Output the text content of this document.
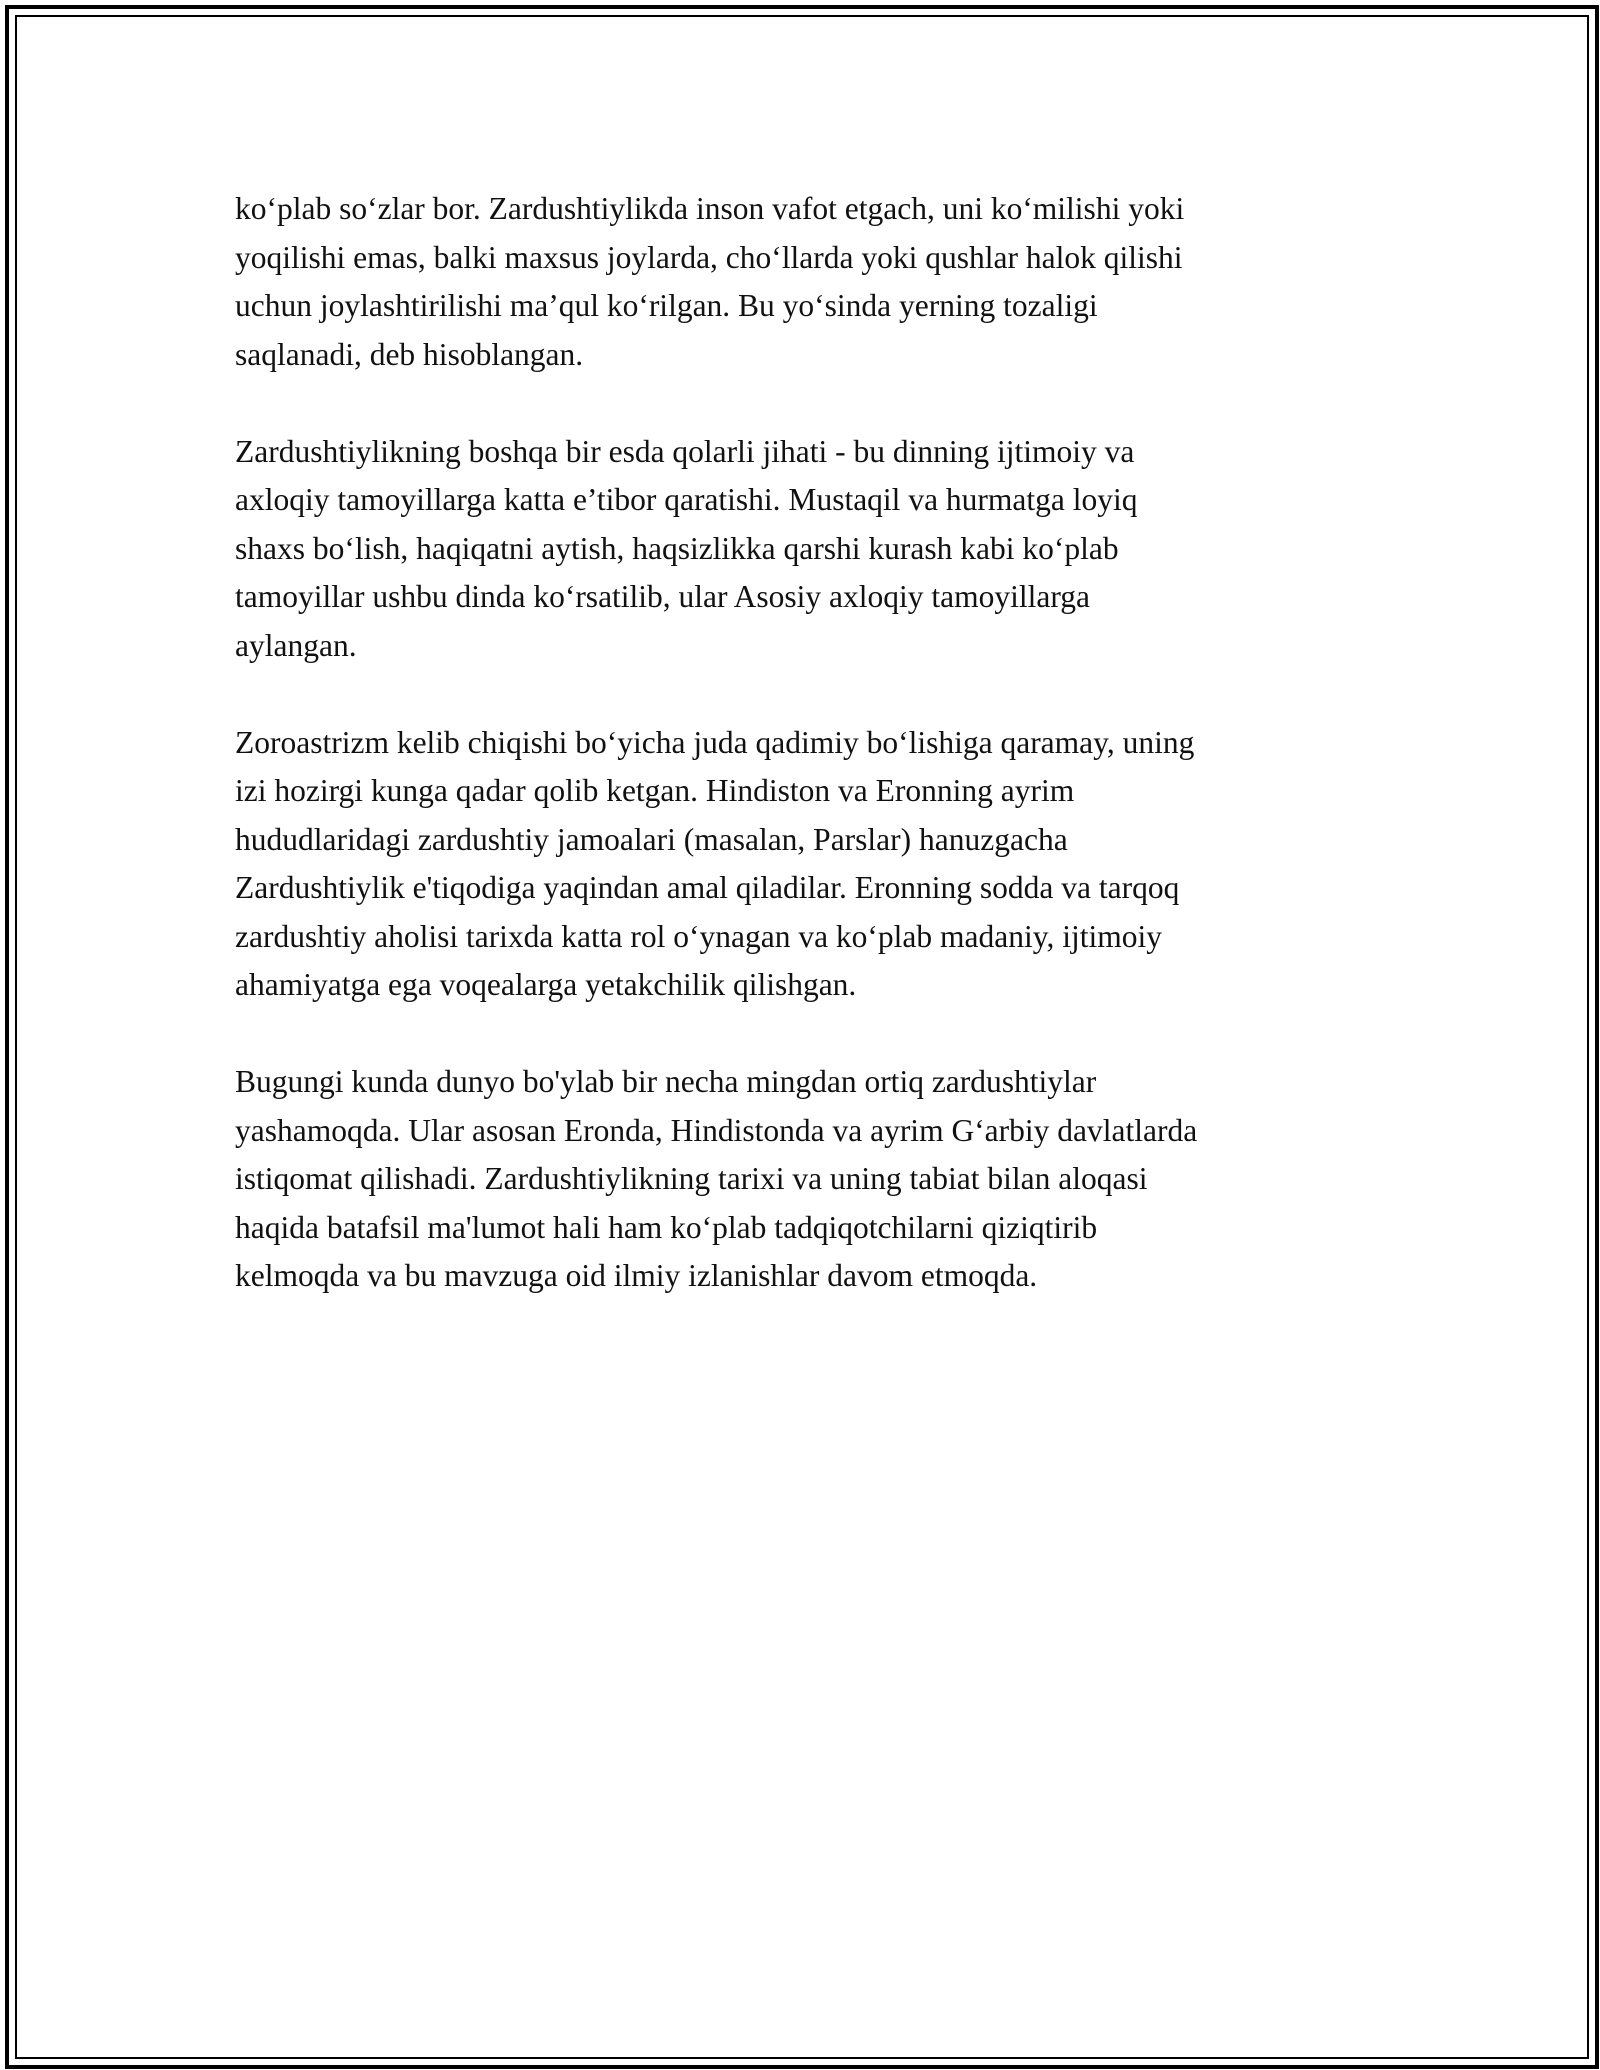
ko‘plab so‘zlar bor. Zardushtiylikda inson vafot etgach, uni ko‘milishi yoki
yoqilishi emas, balki maxsus joylarda, cho‘llarda yoki qushlar halok qilishi
uchun joylashtirilishi ma’qul ko‘rilgan. Bu yo‘sinda yerning tozaligi
saqlanadi, deb hisoblangan.

Zardushtiylikning boshqa bir esda qolarli jihati - bu dinning ijtimoiy va
axloqiy tamoyillarga katta e’tibor qaratishi. Mustaqil va hurmatga loyiq
shaxs bo‘lish, haqiqatni aytish, haqsizlikka qarshi kurash kabi ko‘plab
tamoyillar ushbu dinda ko‘rsatilib, ular Asosiy axloqiy tamoyillarga
aylangan.

Zoroastrizm kelib chiqishi bo‘yicha juda qadimiy bo‘lishiga qaramay, uning
izi hozirgi kunga qadar qolib ketgan. Hindiston va Eronning ayrim
hududlaridagi zardushtiy jamoalari (masalan, Parslar) hanuzgacha
Zardushtiylik e'tiqodiga yaqindan amal qiladilar. Eronning sodda va tarqoq
zardushtiy aholisi tarixda katta rol o‘ynagan va ko‘plab madaniy, ijtimoiy
ahamiyatga ega voqealarga yetakchilik qilishgan.

Bugungi kunda dunyo bo'ylab bir necha mingdan ortiq zardushtiylar
yashamoqda. Ular asosan Eronda, Hindistonda va ayrim G‘arbiy davlatlarda
istiqomat qilishadi. Zardushtiylikning tarixi va uning tabiat bilan aloqasi
haqida batafsil ma'lumot hali ham ko‘plab tadqiqotchilarni qiziqtirib
kelmoqda va bu mavzuga oid ilmiy izlanishlar davom etmoqda.
